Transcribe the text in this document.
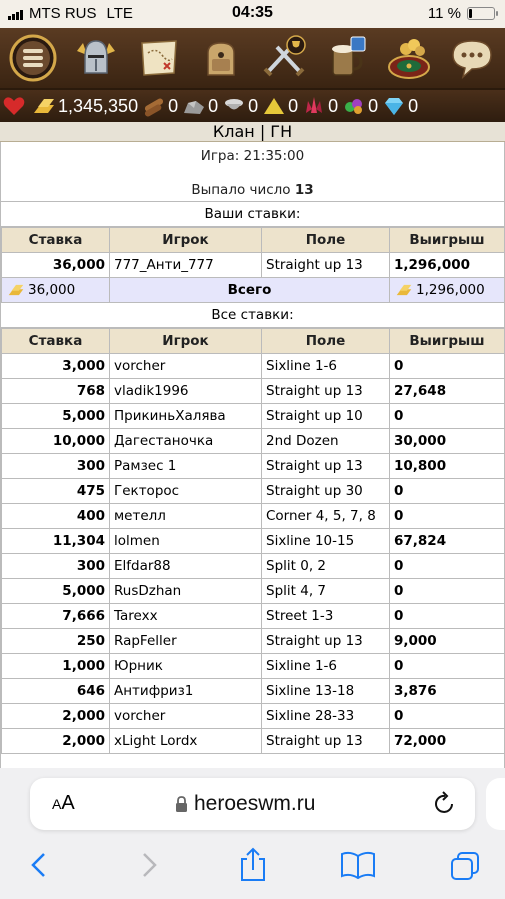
MTS RUS LTE	04:35	11 %
1,345,350 0 0 0 0 0 0 0
Клан | ГН
Игра: 21:35:00
Выпало число 13
Ваши ставки:
Ставка	Игрок	Поле	Выигрыш
36,000	777_Анти_777	Straight up 13	1,296,000
36,000	Всего		1,296,000
Все ставки:
Ставка	Игрок	Поле	Выигрыш
3,000	vorcher	Sixline 1-6	0
768	vladik1996	Straight up 13	27,648
5,000	ПрикиньХалява	Straight up 10	0
10,000	Дагестаночка	2nd Dozen	30,000
300	Рамзес 1	Straight up 13	10,800
475	Гекторос	Straight up 30	0
400	метелл	Corner 4, 5, 7, 8	0
11,304	lolmen	Sixline 10-15	67,824
300	Elfdar88	Split 0, 2	0
5,000	RusDzhan	Split 4, 7	0
7,666	Tarexx	Street 1-3	0
250	RapFeller	Straight up 13	9,000
1,000	Юрник	Sixline 1-6	0
646	Антифриз1	Sixline 13-18	3,876
2,000	vorcher	Sixline 28-33	0
2,000	xLight Lordx	Straight up 13	72,000
AA	heroeswm.ru
